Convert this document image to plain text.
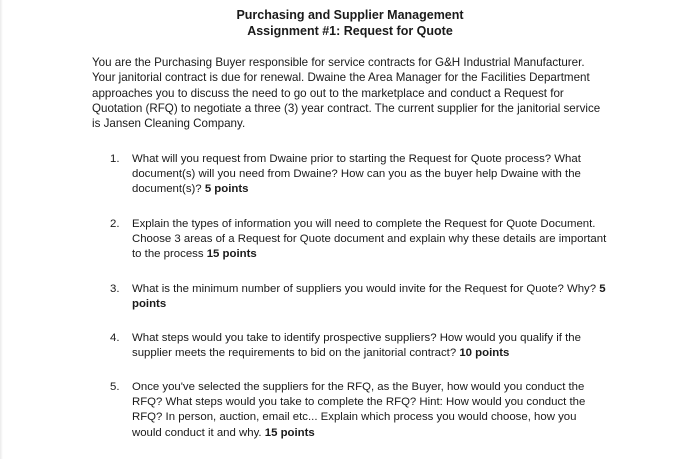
Purchasing and Supplier Management
Assignment #1: Request for Quote
You are the Purchasing Buyer responsible for service contracts for G&H Industrial Manufacturer. Your janitorial contract is due for renewal. Dwaine the Area Manager for the Facilities Department approaches you to discuss the need to go out to the marketplace and conduct a Request for Quotation (RFQ) to negotiate a three (3) year contract. The current supplier for the janitorial service is Jansen Cleaning Company.
1. What will you request from Dwaine prior to starting the Request for Quote process? What document(s) will you need from Dwaine? How can you as the buyer help Dwaine with the document(s)? 5 points
2. Explain the types of information you will need to complete the Request for Quote Document. Choose 3 areas of a Request for Quote document and explain why these details are important to the process 15 points
3. What is the minimum number of suppliers you would invite for the Request for Quote? Why? 5 points
4. What steps would you take to identify prospective suppliers? How would you qualify if the supplier meets the requirements to bid on the janitorial contract? 10 points
5. Once you've selected the suppliers for the RFQ, as the Buyer, how would you conduct the RFQ? What steps would you take to complete the RFQ? Hint: How would you conduct the RFQ? In person, auction, email etc... Explain which process you would choose, how you would conduct it and why. 15 points
